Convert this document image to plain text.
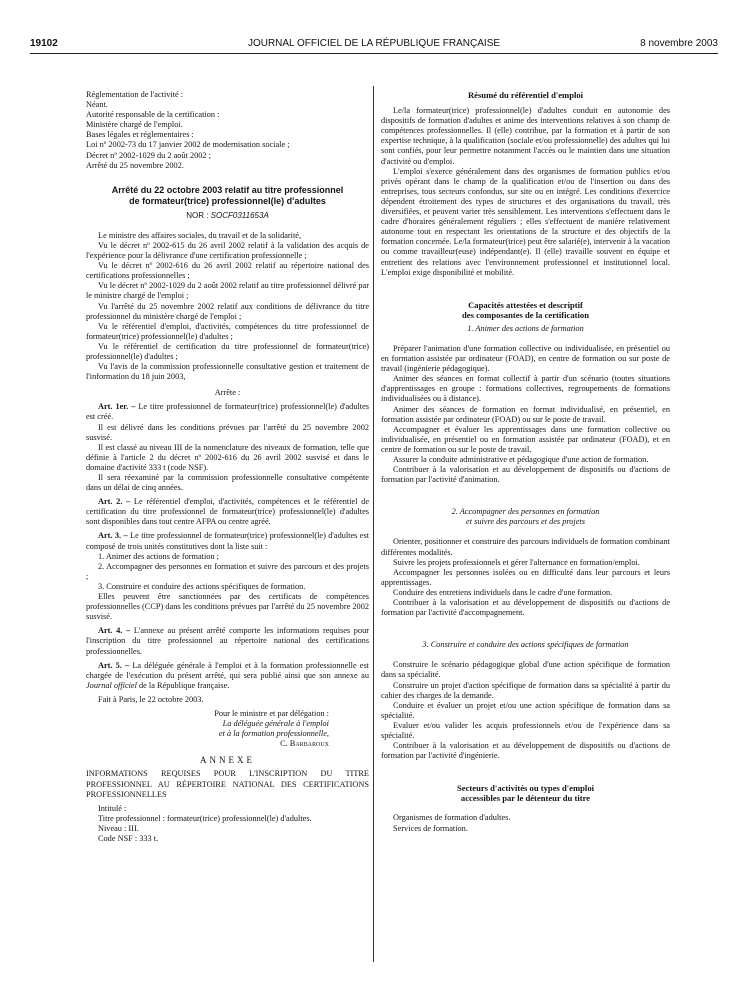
19102	JOURNAL OFFICIEL DE LA RÉPUBLIQUE FRANÇAISE	8 novembre 2003

Réglementation de l'activité :

Néant.

Autorité responsable de la certification :

Ministère chargé de l'emploi.

Bases légales et réglementaires :

Loi nº 2002-73 du 17 janvier 2002 de modernisation sociale ;

Décret nº 2002-1029 du 2 août 2002 ;

Arrêté du 25 novembre 2002.

Arrêté du 22 octobre 2003 relatif au titre professionnel
de formateur(trice) professionnel(le) d'adultes
NOR : SOCF0311653A

Le ministre des affaires sociales, du travail et de la solidarité,

Vu le décret nº 2002-615 du 26 avril 2002 relatif à la validation des acquis de l'expérience pour la délivrance d'une certification professionnelle ;

Vu le décret nº 2002-616 du 26 avril 2002 relatif au répertoire national des certifications professionnelles ;

Vu le décret nº 2002-1029 du 2 août 2002 relatif au titre professionnel délivré par le ministre chargé de l'emploi ;

Vu l'arrêté du 25 novembre 2002 relatif aux conditions de délivrance du titre professionnel du ministère chargé de l'emploi ;

Vu le référentiel d'emploi, d'activités, compétences du titre professionnel de formateur(trice) professionnel(le) d'adultes ;

Vu le référentiel de certification du titre professionnel de formateur(trice) professionnel(le) d'adultes ;

Vu l'avis de la commission professionnelle consultative gestion et traitement de l'information du 18 juin 2003,

Arrête :

Art. 1er. – Le titre professionnel de formateur(trice) professionnel(le) d'adultes est créé.

Il est délivré dans les conditions prévues par l'arrêté du 25 novembre 2002 susvisé.

Il est classé au niveau III de la nomenclature des niveaux de formation, telle que définie à l'article 2 du décret nº 2002-616 du 26 avril 2002 susvisé et dans le domaine d'activité 333 t (code NSF).

Il sera réexaminé par la commission professionnelle consultative compétente dans un délai de cinq années.

Art. 2. – Le référentiel d'emploi, d'activités, compétences et le référentiel de certification du titre professionnel de formateur(trice) professionnel(le) d'adultes sont disponibles dans tout centre AFPA ou centre agréé.

Art. 3. – Le titre professionnel de formateur(trice) professionnel(le) d'adultes est composé de trois unités constitutives dont la liste suit :

1. Animer des actions de formation ;

2. Accompagner des personnes en formation et suivre des parcours et des projets ;

3. Construire et conduire des actions spécifiques de formation.

Elles peuvent être sanctionnées par des certificats de compétences professionnelles (CCP) dans les conditions prévues par l'arrêté du 25 novembre 2002 susvisé.

Art. 4. – L'annexe au présent arrêté comporte les informations requises pour l'inscription du titre professionnel au répertoire national des certifications professionnelles.

Art. 5. – La déléguée générale à l'emploi et à la formation professionnelle est chargée de l'exécution du présent arrêté, qui sera publié ainsi que son annexe au Journal officiel de la République française.

Fait à Paris, le 22 octobre 2003.

Pour le ministre et par délégation :
La déléguée générale à l'emploi
et à la formation professionnelle,
C. Barbaroux
ANNEXE

INFORMATIONS REQUISES POUR L'INSCRIPTION DU TITRE PROFESSIONNEL AU RÉPERTOIRE NATIONAL DES CERTIFICATIONS PROFESSIONNELLES

Intitulé :

Titre professionnel : formateur(trice) professionnel(le) d'adultes.

Niveau : III.

Code NSF : 333 t.

Résumé du référentiel d'emploi

Le/la formateur(trice) professionnel(le) d'adultes conduit en autonomie des dispositifs de formation d'adultes et anime des interventions relatives à son champ de compétences professionnelles. Il (elle) contribue, par la formation et à partir de son expertise technique, à la qualification (sociale et/ou professionnelle) des adultes qui lui sont confiés, pour leur permettre notamment l'accès ou le maintien dans une situation d'activité ou d'emploi.

L'emploi s'exerce généralement dans des organismes de formation publics et/ou privés opérant dans le champ de la qualification et/ou de l'insertion ou dans des entreprises, tous secteurs confondus, sur site ou en intégré. Les conditions d'exercice dépendent étroitement des types de structures et des organisations du travail, très diversifiées, et peuvent varier très sensiblement. Les interventions s'effectuent dans le cadre d'horaires généralement réguliers ; elles s'effectuent de manière relativement autonome tout en respectant les orientations de la structure et des objectifs de la formation concernée. Le/la formateur(trice) peut être salarié(e), intervenir à la vacation ou comme travailleur(euse) indépendant(e). Il (elle) travaille souvent en équipe et entretient des relations avec l'environnement professionnel et institutionnel local. L'emploi exige disponibilité et mobilité.

Capacités attestées et descriptif
des composantes de la certification
1. Animer des actions de formation

Préparer l'animation d'une formation collective ou individualisée, en présentiel ou en formation assistée par ordinateur (FOAD), en centre de formation ou sur poste de travail (ingénierie pédagogique).

Animer des séances en format collectif à partir d'un scénario (toutes situations d'apprentissages en groupe : formations collectives, regroupements de formations individualisées ou à distance).

Animer des séances de formation en format individualisé, en présentiel, en formation assistée par ordinateur (FOAD) ou sur le poste de travail.

Accompagner et évaluer les apprentissages dans une formation collective ou individualisée, en présentiel ou en formation assistée par ordinateur (FOAD), et en centre de formation ou sur le poste de travail.

Assurer la conduite administrative et pédagogique d'une action de formation.

Contribuer à la valorisation et au développement de dispositifs ou d'actions de formation par l'activité d'animation.

2. Accompagner des personnes en formation
et suivre des parcours et des projets

Orienter, positionner et construire des parcours individuels de formation combinant différentes modalités.

Suivre les projets professionnels et gérer l'alternance en formation/emploi.

Accompagner les personnes isolées ou en difficulté dans leur parcours et leurs apprentissages.

Conduire des entretiens individuels dans le cadre d'une formation.

Contribuer à la valorisation et au développement de dispositifs ou d'actions de formation par l'activité d'accompagnement.

3. Construire et conduire des actions spécifiques de formation

Construire le scénario pédagogique global d'une action spécifique de formation dans sa spécialité.

Construire un projet d'action spécifique de formation dans sa spécialité à partir du cahier des charges de la demande.

Conduire et évaluer un projet et/ou une action spécifique de formation dans sa spécialité.

Evaluer et/ou valider les acquis professionnels et/ou de l'expérience dans sa spécialité.

Contribuer à la valorisation et au développement de dispositifs ou d'actions de formation par l'activité d'ingénierie.

Secteurs d'activités ou types d'emploi
accessibles par le détenteur du titre

Organismes de formation d'adultes.

Services de formation.
